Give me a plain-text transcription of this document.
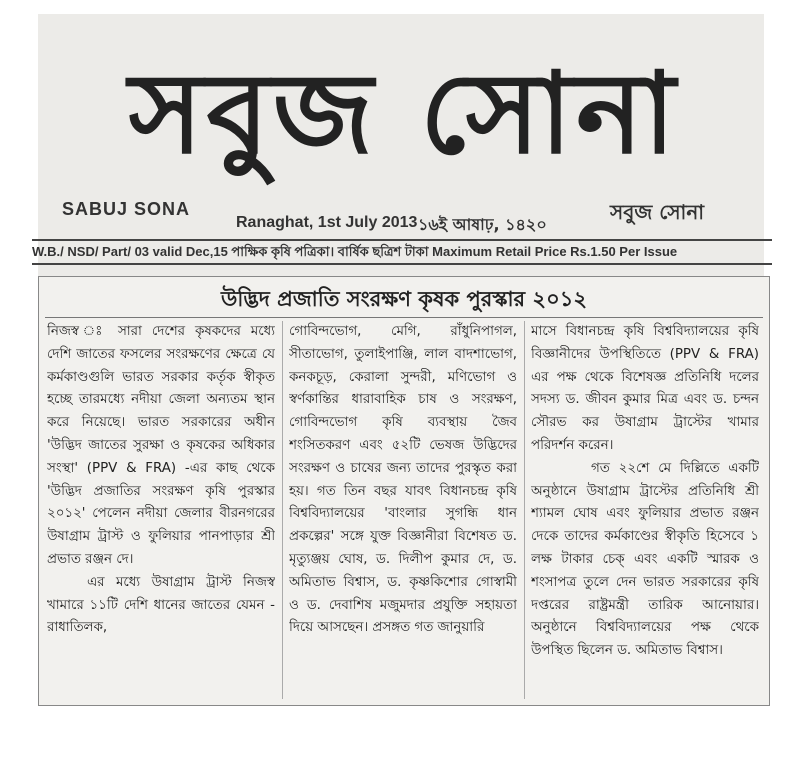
সবুজ সোনা
SABUJ SONA
Ranaghat, 1st July 2013 ১৬ই আষাঢ়, ১৪২০
সবুজ সোনা
W.B./ NSD/ Part/ 03 valid Dec,15 পাক্ষিক কৃষি পত্রিকা। বার্ষিক ছত্রিশ টাকা Maximum Retail Price Rs.1.50 Per Issue
উদ্ভিদ প্রজাতি সংরক্ষণ কৃষক পুরস্কার ২০১২

নিজস্ব ঃ সারা দেশের কৃষকদের মধ্যে দেশি জাতের ফসলের সংরক্ষণের ক্ষেত্রে যে কর্মকাণ্ডগুলি ভারত সরকার কর্তৃক স্বীকৃত হচ্ছে তারমধ্যে নদীয়া জেলা অন্যতম স্থান করে নিয়েছে। ভারত সরকারের অধীন 'উদ্ভিদ জাতের সুরক্ষা ও কৃষকের অধিকার সংস্থা' (PPV & FRA) -এর কাছ থেকে 'উদ্ভিদ প্রজাতির সংরক্ষণ কৃষি পুরস্কার ২০১২' পেলেন নদীয়া জেলার বীরনগরের উষাগ্রাম ট্রাস্ট ও ফুলিয়ার পানপাড়ার শ্রী প্রভাত রঞ্জন দে।

এর মধ্যে উষাগ্রাম ট্রাস্ট নিজস্ব খামারে ১১টি দেশি ধানের জাতের যেমন - রাধাতিলক,

গোবিন্দভোগ, মেগি, রাঁধুনিপাগল, সীতাভোগ, তুলাইপাঞ্জি, লাল বাদশাভোগ, কনকচূড়, কেরালা সুন্দরী, মণিভোগ ও স্বর্ণকান্তির ধারাবাহিক চাষ ও সংরক্ষণ, গোবিন্দভোগ কৃষি ব্যবস্থায় জৈব শংসিতকরণ এবং ৫২টি ভেষজ উদ্ভিদের সংরক্ষণ ও চাষের জন্য তাদের পুরস্কৃত করা হয়। গত তিন বছর যাবৎ বিধানচন্দ্র কৃষি বিশ্ববিদ্যালয়ের 'বাংলার সুগন্ধি ধান প্রকল্পের' সঙ্গে যুক্ত বিজ্ঞানীরা বিশেষত ড. মৃত্যুঞ্জয় ঘোষ, ড. দিলীপ কুমার দে, ড. অমিতাভ বিশ্বাস, ড. কৃষ্ণকিশোর গোস্বামী ও ড. দেবাশিষ মজুমদার প্রযুক্তি সহায়তা দিয়ে আসছেন। প্রসঙ্গত গত জানুয়ারি

মাসে বিধানচন্দ্র কৃষি বিশ্ববিদ্যালয়ের কৃষি বিজ্ঞানীদের উপস্থিতিতে (PPV & FRA) এর পক্ষ থেকে বিশেষজ্ঞ প্রতিনিধি দলের সদস্য ড. জীবন কুমার মিত্র এবং ড. চন্দন সৌরভ কর উষাগ্রাম ট্রাস্টের খামার পরিদর্শন করেন।

গত ২২শে মে দিল্লিতে একটি অনুষ্ঠানে উষাগ্রাম ট্রাস্টের প্রতিনিধি শ্রী শ্যামল ঘোষ এবং ফুলিয়ার প্রভাত রঞ্জন দেকে তাদের কর্মকাণ্ডের স্বীকৃতি হিসেবে ১ লক্ষ টাকার চেক্ এবং একটি স্মারক ও শংসাপত্র তুলে দেন ভারত সরকারের কৃষি দপ্তরের রাষ্ট্রমন্ত্রী তারিক আনোয়ার। অনুষ্ঠানে বিশ্ববিদ্যালয়ের পক্ষ থেকে উপস্থিত ছিলেন ড. অমিতাভ বিশ্বাস।
